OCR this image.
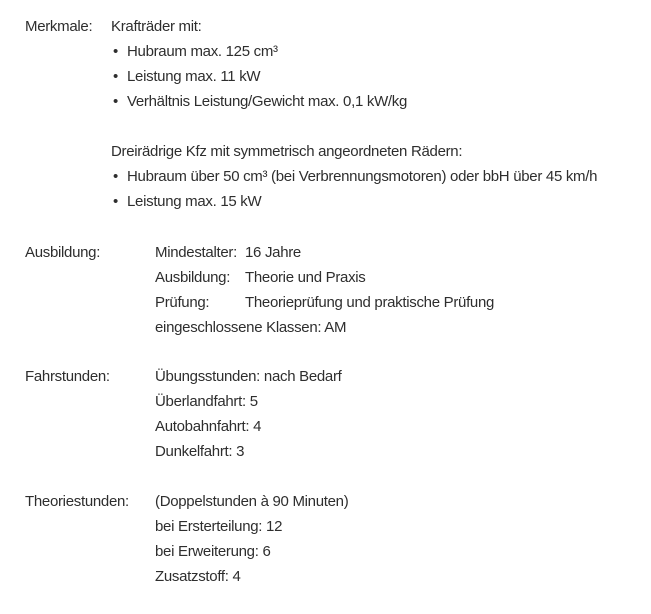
Merkmale: Krafträder mit:
• Hubraum max. 125 cm³
• Leistung max. 11 kW
• Verhältnis Leistung/Gewicht max. 0,1 kW/kg
Dreirädrige Kfz mit symmetrisch angeordneten Rädern:
• Hubraum über 50 cm³ (bei Verbrennungsmotoren) oder bbH über 45 km/h
• Leistung max. 15 kW
Ausbildung:	Mindestalter: 16 Jahre
Ausbildung: Theorie und Praxis
Prüfung: Theorieprüfung und praktische Prüfung
eingeschlossene Klassen: AM
Fahrstunden:	Übungsstunden: nach Bedarf
Überlandfahrt: 5
Autobahnfahrt: 4
Dunkelfahrt: 3
Theoriestunden: (Doppelstunden à 90 Minuten)
bei Ersterteilung: 12
bei Erweiterung: 6
Zusatzstoff: 4
